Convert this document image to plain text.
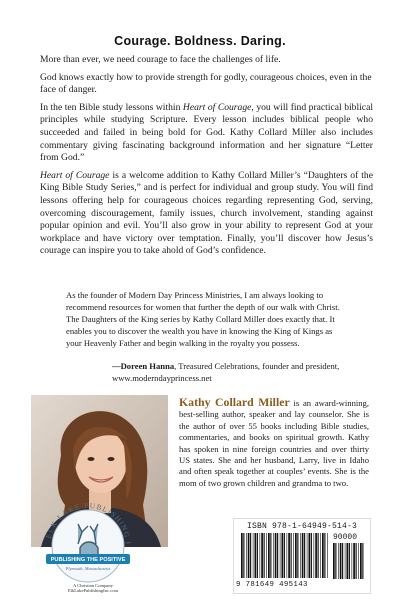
Courage. Boldness. Daring.

More than ever, we need courage to face the challenges of life.

God knows exactly how to provide strength for godly, courageous choices, even in the face of danger.

In the ten Bible study lessons within Heart of Courage, you will find practical biblical principles while studying Scripture. Every lesson includes biblical people who succeeded and failed in being bold for God. Kathy Collard Miller also includes commentary giving fascinating background information and her signature “Letter from God.”

Heart of Courage is a welcome addition to Kathy Collard Miller’s “Daughters of the King Bible Study Series,” and is perfect for individual and group study. You will find lessons offering help for courageous choices regarding representing God, serving, overcoming discouragement, family issues, church involvement, standing against popular opinion and evil. You’ll also grow in your ability to represent God at your workplace and have victory over temptation. Finally, you’ll discover how Jesus’s courage can inspire you to take ahold of God’s confidence.

As the founder of Modern Day Princess Ministries, I am always looking to recommend resources for women that further the depth of our walk with Christ. The Daughters of the King series by Kathy Collard Miller does exactly that. It enables you to discover the wealth you have in knowing the King of Kings as your Heavenly Father and begin walking in the royalty you possess.

—Doreen Hanna, Treasured Celebrations, founder and president, www.moderndayprincess.net
Kathy Collard Miller is an award-winning, best-selling author, speaker and lay counselor. She is the author of over 55 books including Bible studies, commentaries, and books on spiritual growth. Kathy has spoken in nine foreign countries and over thirty US states. She and her husband, Larry, live in Idaho and often speak together at couples’ events. She is the mom of two grown children and grandma to two.
ELK LAKE PUBLISHING I
PUBLISHING THE POSITIVE
Plymouth, Massachusetts
A Christian Company
ElkLakePublishingInc.com
ISBN 978-1-64949-514-3
90000
9 781649 495143
